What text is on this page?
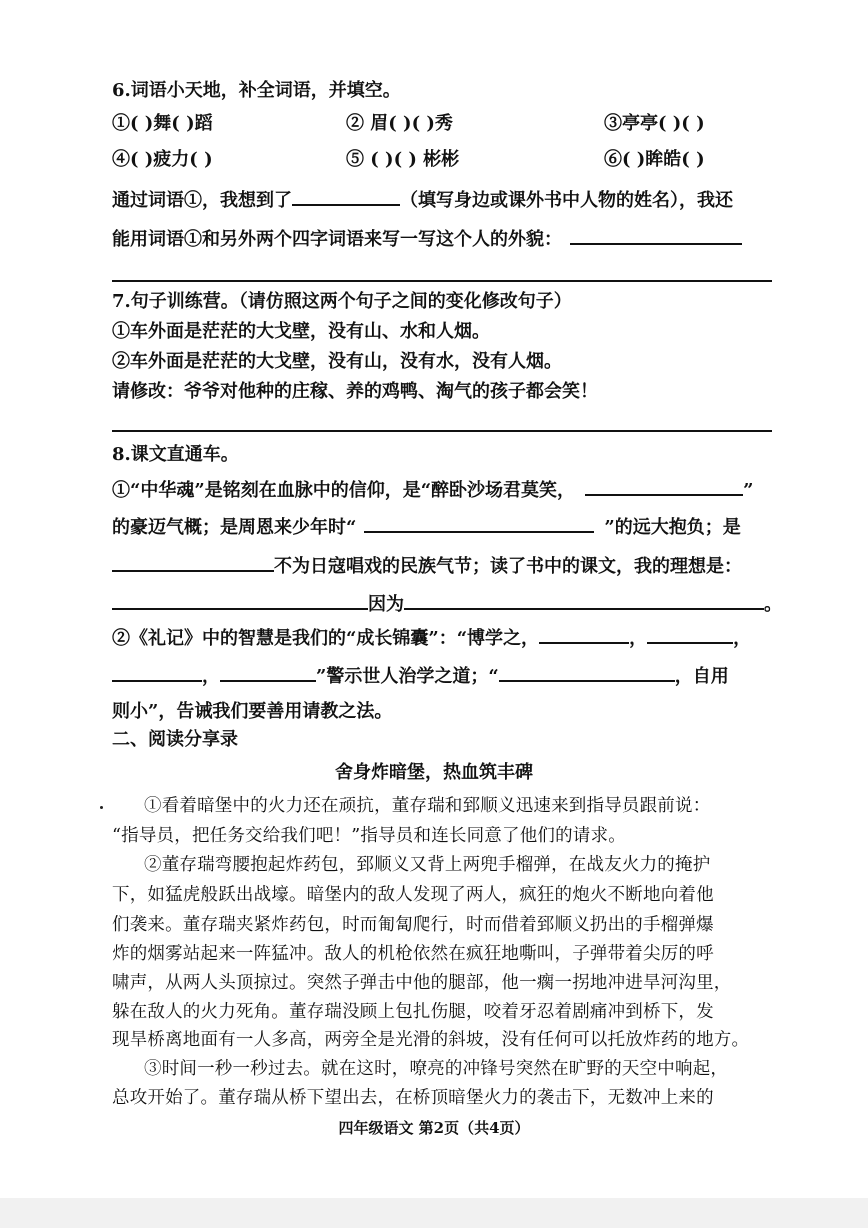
6.词语小天地，补全词语，并填空。
①( )舞( )蹈	② 眉( )( )秀	③亭亭( )( )
④( )疲力( )	⑤ ( )( ) 彬彬	⑥( )眸皓( )
通过词语①，我想到了	（填写身边或课外书中人物的姓名），我还
能用词语①和另外两个四字词语来写一写这个人的外貌：
7.句子训练营。（请仿照这两个句子之间的变化修改句子）
①车外面是茫茫的大戈壁，没有山、水和人烟。
②车外面是茫茫的大戈壁，没有山，没有水，没有人烟。
请修改：爷爷对他种的庄稼、养的鸡鸭、淘气的孩子都会笑！
8.课文直通车。
①“中华魂”是铭刻在血脉中的信仰，是“醉卧沙场君莫笑，	”
的豪迈气概；是周恩来少年时“	”的远大抱负；是
不为日寇唱戏的民族气节；读了书中的课文，我的理想是：
因为	。
②《礼记》中的智慧是我们的“成长锦囊”：“博学之，	，	，
，	”警示世人治学之道；“	，自用
则小”，告诫我们要善用请教之法。
二、阅读分享录
舍身炸暗堡，热血筑丰碑
①看着暗堡中的火力还在顽抗，董存瑞和郅顺义迅速来到指导员跟前说：
“指导员，把任务交给我们吧！”指导员和连长同意了他们的请求。
②董存瑞弯腰抱起炸药包，郅顺义又背上两兜手榴弹，在战友火力的掩护
下，如猛虎般跃出战壕。暗堡内的敌人发现了两人，疯狂的炮火不断地向着他
们袭来。董存瑞夹紧炸药包，时而匍匐爬行，时而借着郅顺义扔出的手榴弹爆
炸的烟雾站起来一阵猛冲。敌人的机枪依然在疯狂地嘶叫，子弹带着尖厉的呼
啸声，从两人头顶掠过。突然子弹击中他的腿部，他一瘸一拐地冲进旱河沟里，
躲在敌人的火力死角。董存瑞没顾上包扎伤腿，咬着牙忍着剧痛冲到桥下，发
现旱桥离地面有一人多高，两旁全是光滑的斜坡，没有任何可以托放炸药的地方。
③时间一秒一秒过去。就在这时，嘹亮的冲锋号突然在旷野的天空中响起，
总攻开始了。董存瑞从桥下望出去，在桥顶暗堡火力的袭击下，无数冲上来的
四年级语文 第2页（共4页）
